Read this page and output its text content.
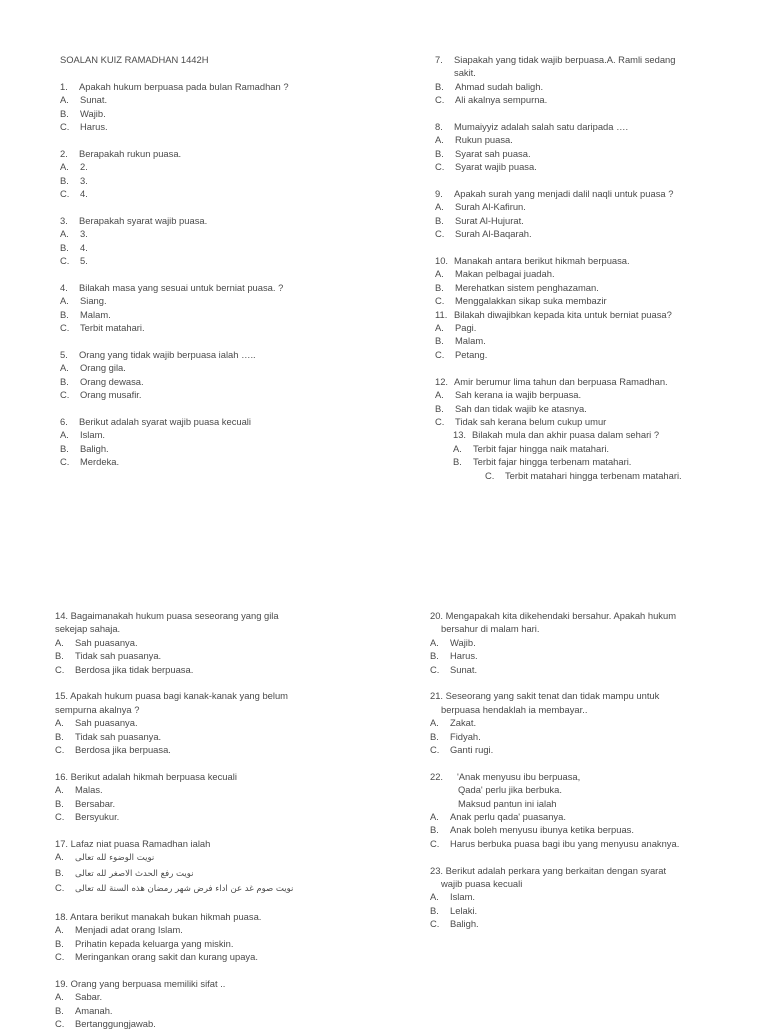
SOALAN KUIZ RAMADHAN 1442H
1. Apakah hukum berpuasa pada bulan Ramadhan ?
A. Sunat.
B. Wajib.
C. Harus.
2. Berapakah rukun puasa.
A. 2.
B. 3.
C. 4.
3. Berapakah syarat wajib puasa.
A. 3.
B. 4.
C. 5.
4. Bilakah masa yang sesuai untuk berniat puasa. ?
A. Siang.
B. Malam.
C. Terbit matahari.
5. Orang yang tidak wajib berpuasa ialah …..
A. Orang gila.
B. Orang dewasa.
C. Orang musafir.
6. Berikut adalah syarat wajib puasa kecuali
A. Islam.
B. Baligh.
C. Merdeka.
7. Siapakah yang tidak wajib berpuasa.A. Ramli sedang
sakit.
B. Ahmad sudah baligh.
C. Ali akalnya sempurna.
8. Mumaiyyiz adalah salah satu daripada ….
A. Rukun puasa.
B. Syarat sah puasa.
C. Syarat wajib puasa.
9. Apakah surah yang menjadi dalil naqli untuk puasa ?
A. Surah Al-Kafirun.
B. Surat Al-Hujurat.
C. Surah Al-Baqarah.
10. Manakah antara berikut hikmah berpuasa.
A. Makan pelbagai juadah.
B. Merehatkan sistem penghazaman.
C. Menggalakkan sikap suka membazir
11. Bilakah diwajibkan kepada kita untuk berniat puasa?
A. Pagi.
B. Malam.
C. Petang.
12. Amir berumur lima tahun dan berpuasa Ramadhan.
A. Sah kerana ia wajib berpuasa.
B. Sah dan tidak wajib ke atasnya.
C. Tidak sah kerana belum cukup umur
13. Bilakah mula dan akhir puasa dalam sehari ?
A. Terbit fajar hingga naik matahari.
B. Terbit fajar hingga terbenam matahari.
C. Terbit matahari hingga terbenam matahari.
14. Bagaimanakah hukum puasa seseorang yang gila
sekejap sahaja.
A. Sah puasanya.
B. Tidak sah puasanya.
C. Berdosa jika tidak berpuasa.
15. Apakah hukum puasa bagi kanak-kanak yang belum
sempurna akalnya ?
A. Sah puasanya.
B. Tidak sah puasanya.
C. Berdosa jika berpuasa.
16. Berikut adalah hikmah berpuasa kecuali
A. Malas.
B. Bersabar.
C. Bersyukur.
17. Lafaz niat puasa Ramadhan ialah
A. نويت الوضوء لله تعالى
B. نويت رفع الحدث الاصغر لله تعالى
C. نويت صوم غد عن اداء فرض شهر رمضان هذه السنة لله تعالى
18. Antara berikut manakah bukan hikmah puasa.
A. Menjadi adat orang Islam.
B. Prihatin kepada keluarga yang miskin.
C. Meringankan orang sakit dan kurang upaya.
19. Orang yang berpuasa memiliki sifat ..
A. Sabar.
B. Amanah.
C. Bertanggungjawab.
20. Mengapakah kita dikehendaki bersahur. Apakah hukum
bersahur di malam hari.
A. Wajib.
B. Harus.
C. Sunat.
21. Seseorang yang sakit tenat dan tidak mampu untuk
berpuasa hendaklah ia membayar..
A. Zakat.
B. Fidyah.
C. Ganti rugi.
22. 'Anak menyusu ibu berpuasa,
Qada' perlu jika berbuka.
Maksud pantun ini ialah
A. Anak perlu qada' puasanya.
B. Anak boleh menyusu ibunya ketika berpuas.
C. Harus berbuka puasa bagi ibu yang menyusu anaknya.
23. Berikut adalah perkara yang berkaitan dengan syarat
wajib puasa kecuali
A. Islam.
B. Lelaki.
C. Baligh.
